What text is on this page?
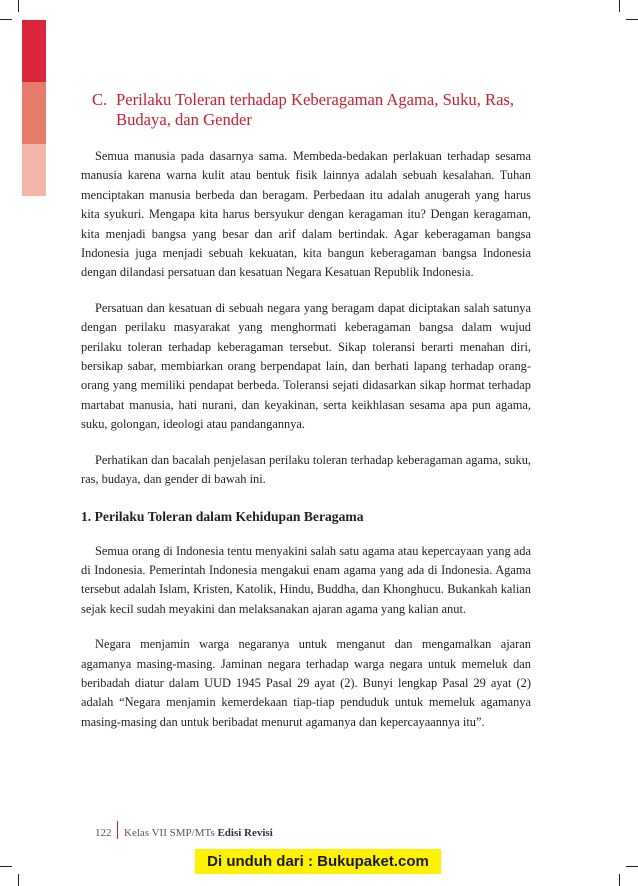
C. Perilaku Toleran terhadap Keberagaman Agama, Suku, Ras, Budaya, dan Gender

Semua manusia pada dasarnya sama. Membeda-bedakan perlakuan terhadap sesama manusia karena warna kulit atau bentuk fisik lainnya adalah sebuah kesalahan. Tuhan menciptakan manusia berbeda dan beragam. Perbedaan itu adalah anugerah yang harus kita syukuri. Mengapa kita harus bersyukur dengan keragaman itu? Dengan keragaman, kita menjadi bangsa yang besar dan arif dalam bertindak. Agar keberagaman bangsa Indonesia juga menjadi sebuah kekuatan, kita bangun keberagaman bangsa Indonesia dengan dilandasi persatuan dan kesatuan Negara Kesatuan Republik Indonesia.

Persatuan dan kesatuan di sebuah negara yang beragam dapat diciptakan salah satunya dengan perilaku masyarakat yang menghormati keberagaman bangsa dalam wujud perilaku toleran terhadap keberagaman tersebut. Sikap toleransi berarti menahan diri, bersikap sabar, membiarkan orang berpendapat lain, dan berhati lapang terhadap orang-orang yang memiliki pendapat berbeda. Toleransi sejati didasarkan sikap hormat terhadap martabat manusia, hati nurani, dan keyakinan, serta keikhlasan sesama apa pun agama, suku, golongan, ideologi atau pandangannya.

Perhatikan dan bacalah penjelasan perilaku toleran terhadap keberagaman agama, suku, ras, budaya, dan gender di bawah ini.

1. Perilaku Toleran dalam Kehidupan Beragama

Semua orang di Indonesia tentu menyakini salah satu agama atau kepercayaan yang ada di Indonesia. Pemerintah Indonesia mengakui enam agama yang ada di Indonesia. Agama tersebut adalah Islam, Kristen, Katolik, Hindu, Buddha, dan Khonghucu. Bukankah kalian sejak kecil sudah meyakini dan melaksanakan ajaran agama yang kalian anut.

Negara menjamin warga negaranya untuk menganut dan mengamalkan ajaran agamanya masing-masing. Jaminan negara terhadap warga negara untuk memeluk dan beribadah diatur dalam UUD 1945 Pasal 29 ayat (2). Bunyi lengkap Pasal 29 ayat (2) adalah “Negara menjamin kemerdekaan tiap-tiap penduduk untuk memeluk agamanya masing-masing dan untuk beribadat menurut agamanya dan kepercayaannya itu”.

122 Kelas VII SMP/MTs Edisi Revisi
Di unduh dari : Bukupaket.com
